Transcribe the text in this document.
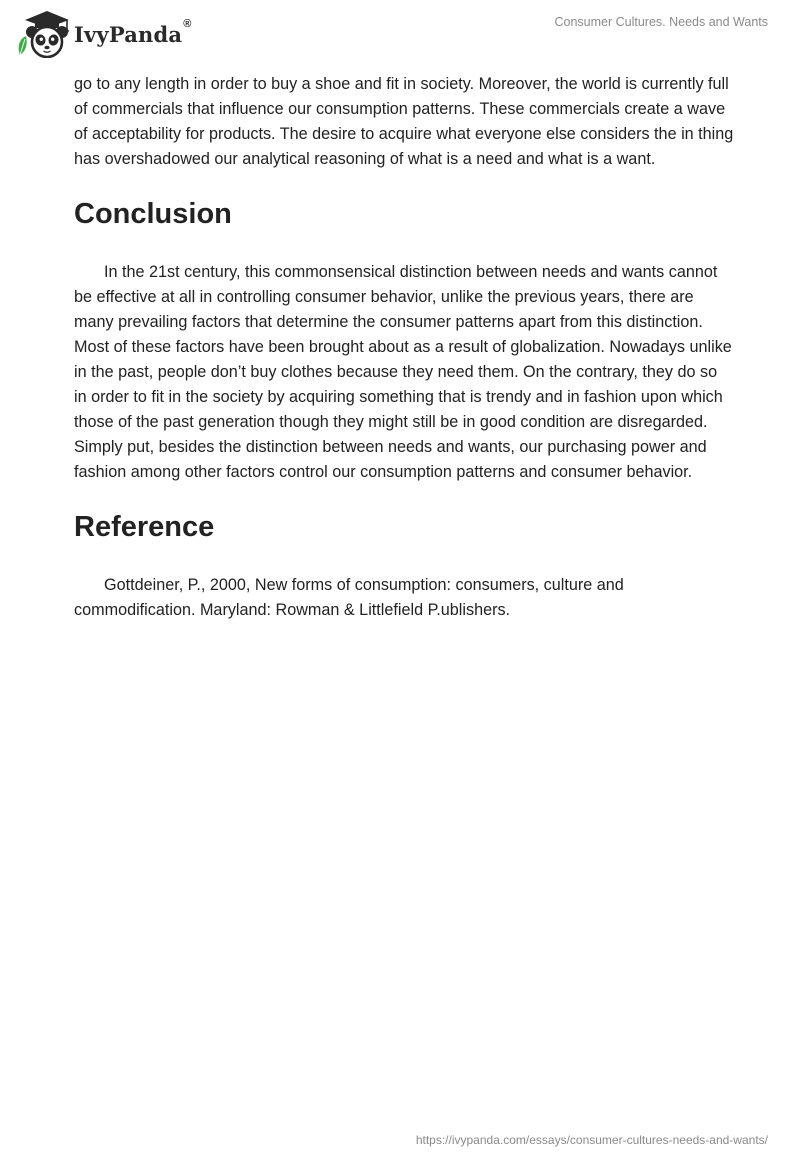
IvyPanda ®	Consumer Cultures. Needs and Wants

go to any length in order to buy a shoe and fit in society. Moreover, the world is currently full of commercials that influence our consumption patterns. These commercials create a wave of acceptability for products. The desire to acquire what everyone else considers the in thing has overshadowed our analytical reasoning of what is a need and what is a want.

Conclusion

In the 21st century, this commonsensical distinction between needs and wants cannot be effective at all in controlling consumer behavior, unlike the previous years, there are many prevailing factors that determine the consumer patterns apart from this distinction. Most of these factors have been brought about as a result of globalization. Nowadays unlike in the past, people don’t buy clothes because they need them. On the contrary, they do so in order to fit in the society by acquiring something that is trendy and in fashion upon which those of the past generation though they might still be in good condition are disregarded. Simply put, besides the distinction between needs and wants, our purchasing power and fashion among other factors control our consumption patterns and consumer behavior.

Reference

Gottdeiner, P., 2000, New forms of consumption: consumers, culture and commodification. Maryland: Rowman & Littlefield P.ublishers.

https://ivypanda.com/essays/consumer-cultures-needs-and-wants/
